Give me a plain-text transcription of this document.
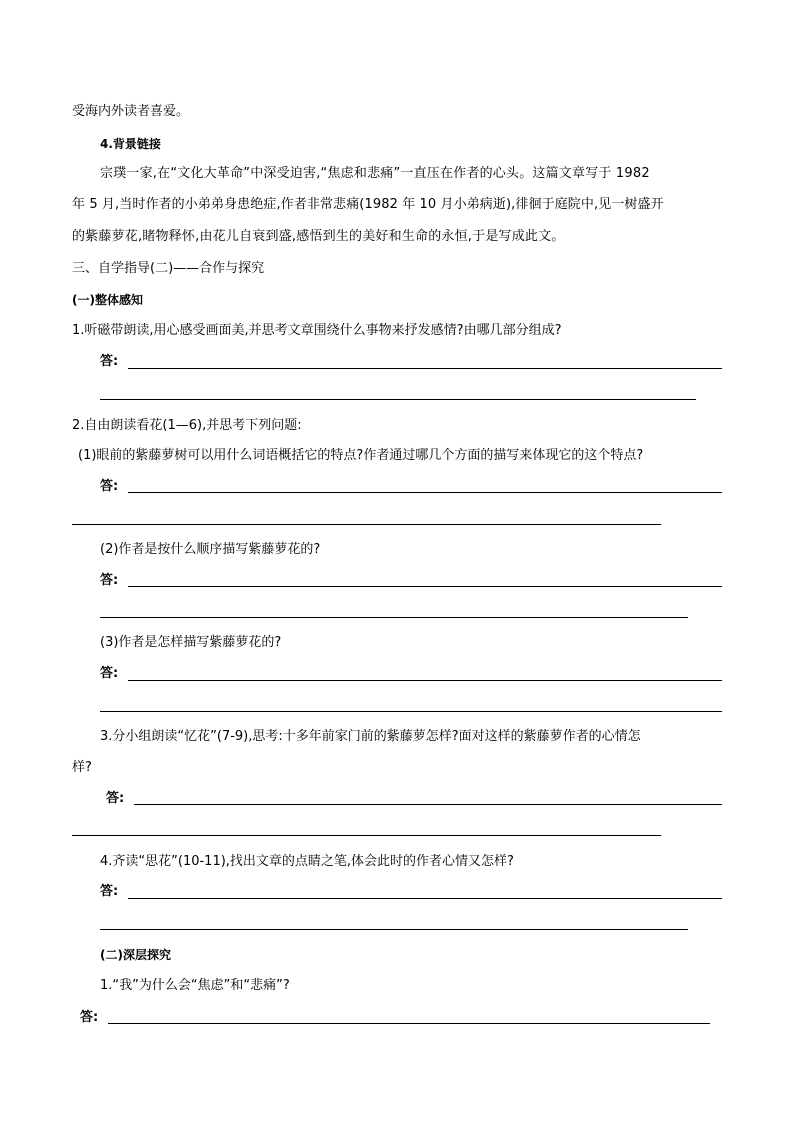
受海内外读者喜爱。
4.背景链接
宗璞一家,在“文化大革命”中深受迫害,“焦虑和悲痛”一直压在作者的心头。这篇文章写于 1982
年 5 月,当时作者的小弟弟身患绝症,作者非常悲痛(1982 年 10 月小弟病逝),徘徊于庭院中,见一树盛开
的紫藤萝花,睹物释怀,由花儿自衰到盛,感悟到生的美好和生命的永恒,于是写成此文。
三、自学指导(二)——合作与探究
(一)整体感知
1.听磁带朗读,用心感受画面美,并思考文章围绕什么事物来抒发感情?由哪几部分组成?
答:
2.自由朗读看花(1—6),并思考下列问题:
(1)眼前的紫藤萝树可以用什么词语概括它的特点?作者通过哪几个方面的描写来体现它的这个特点?
答:
(2)作者是按什么顺序描写紫藤萝花的?
答:
(3)作者是怎样描写紫藤萝花的?
答:
3.分小组朗读“忆花”(7-9),思考:十多年前家门前的紫藤萝怎样?面对这样的紫藤萝作者的心情怎
样?
答:
4.齐读“思花”(10-11),找出文章的点睛之笔,体会此时的作者心情又怎样?
答:
(二)深层探究
1.“我”为什么会“焦虑”和“悲痛”?
答:
